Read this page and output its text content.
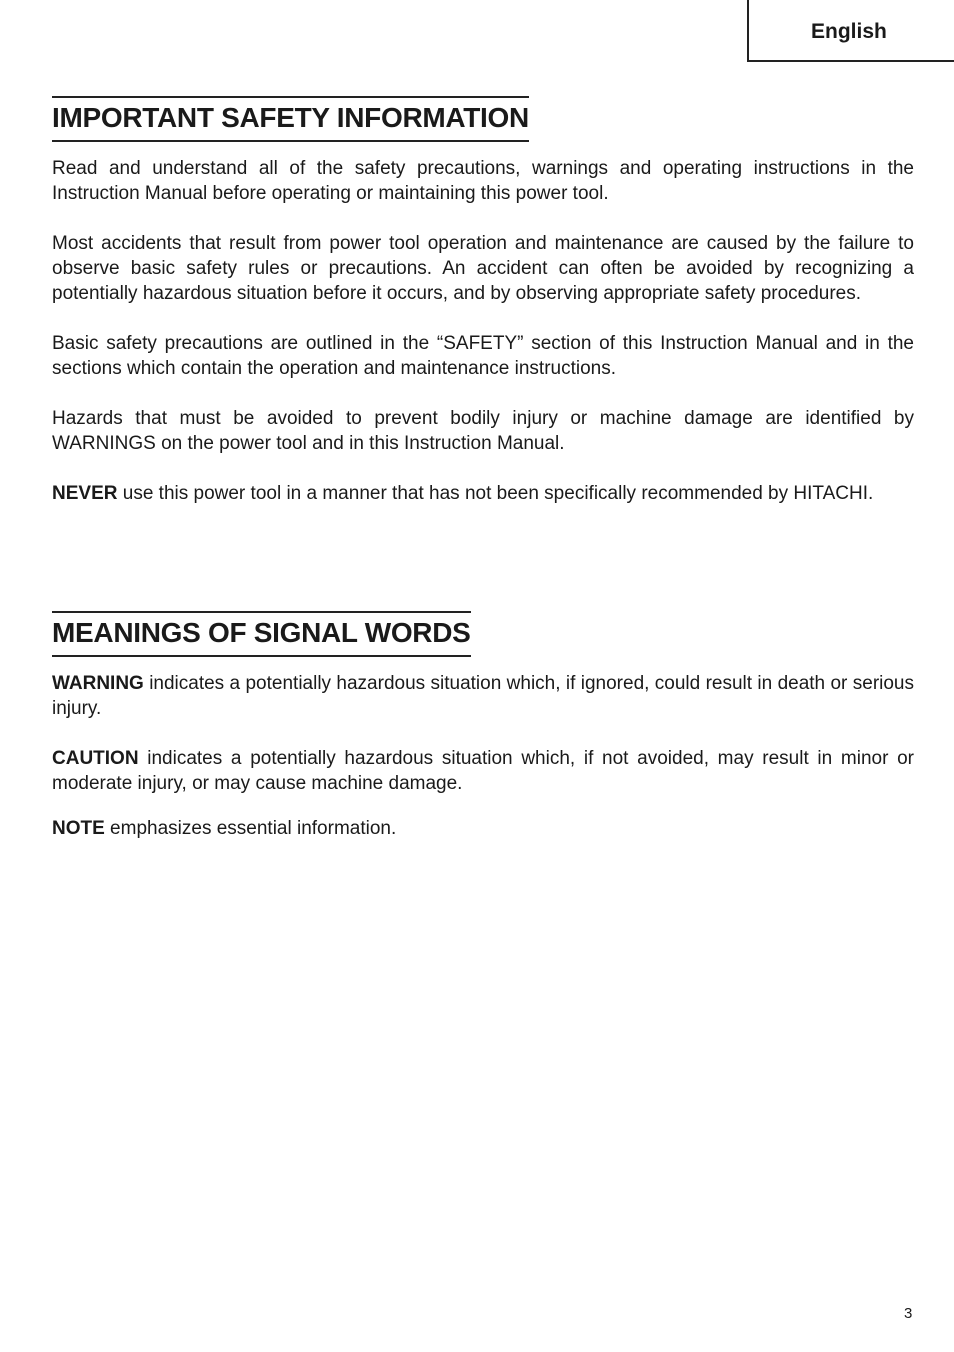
English
IMPORTANT SAFETY INFORMATION

Read and understand all of the safety precautions, warnings and operating instructions in the Instruction Manual before operating or maintaining this power tool.

Most accidents that result from power tool operation and maintenance are caused by the failure to observe basic safety rules or precautions. An accident can often be avoided by recognizing a potentially hazardous situation before it occurs, and by observing appropriate safety procedures.

Basic safety precautions are outlined in the “SAFETY” section of this Instruction Manual and in the sections which contain the operation and maintenance instructions.

Hazards that must be avoided to prevent bodily injury or machine damage are identified by WARNINGS on the power tool and in this Instruction Manual.

NEVER use this power tool in a manner that has not been specifically recommended by HITACHI.

MEANINGS OF SIGNAL WORDS

WARNING indicates a potentially hazardous situation which, if ignored, could result in death or serious injury.

CAUTION indicates a potentially hazardous situation which, if not avoided, may result in minor or moderate injury, or may cause machine damage.

NOTE emphasizes essential information.

3
